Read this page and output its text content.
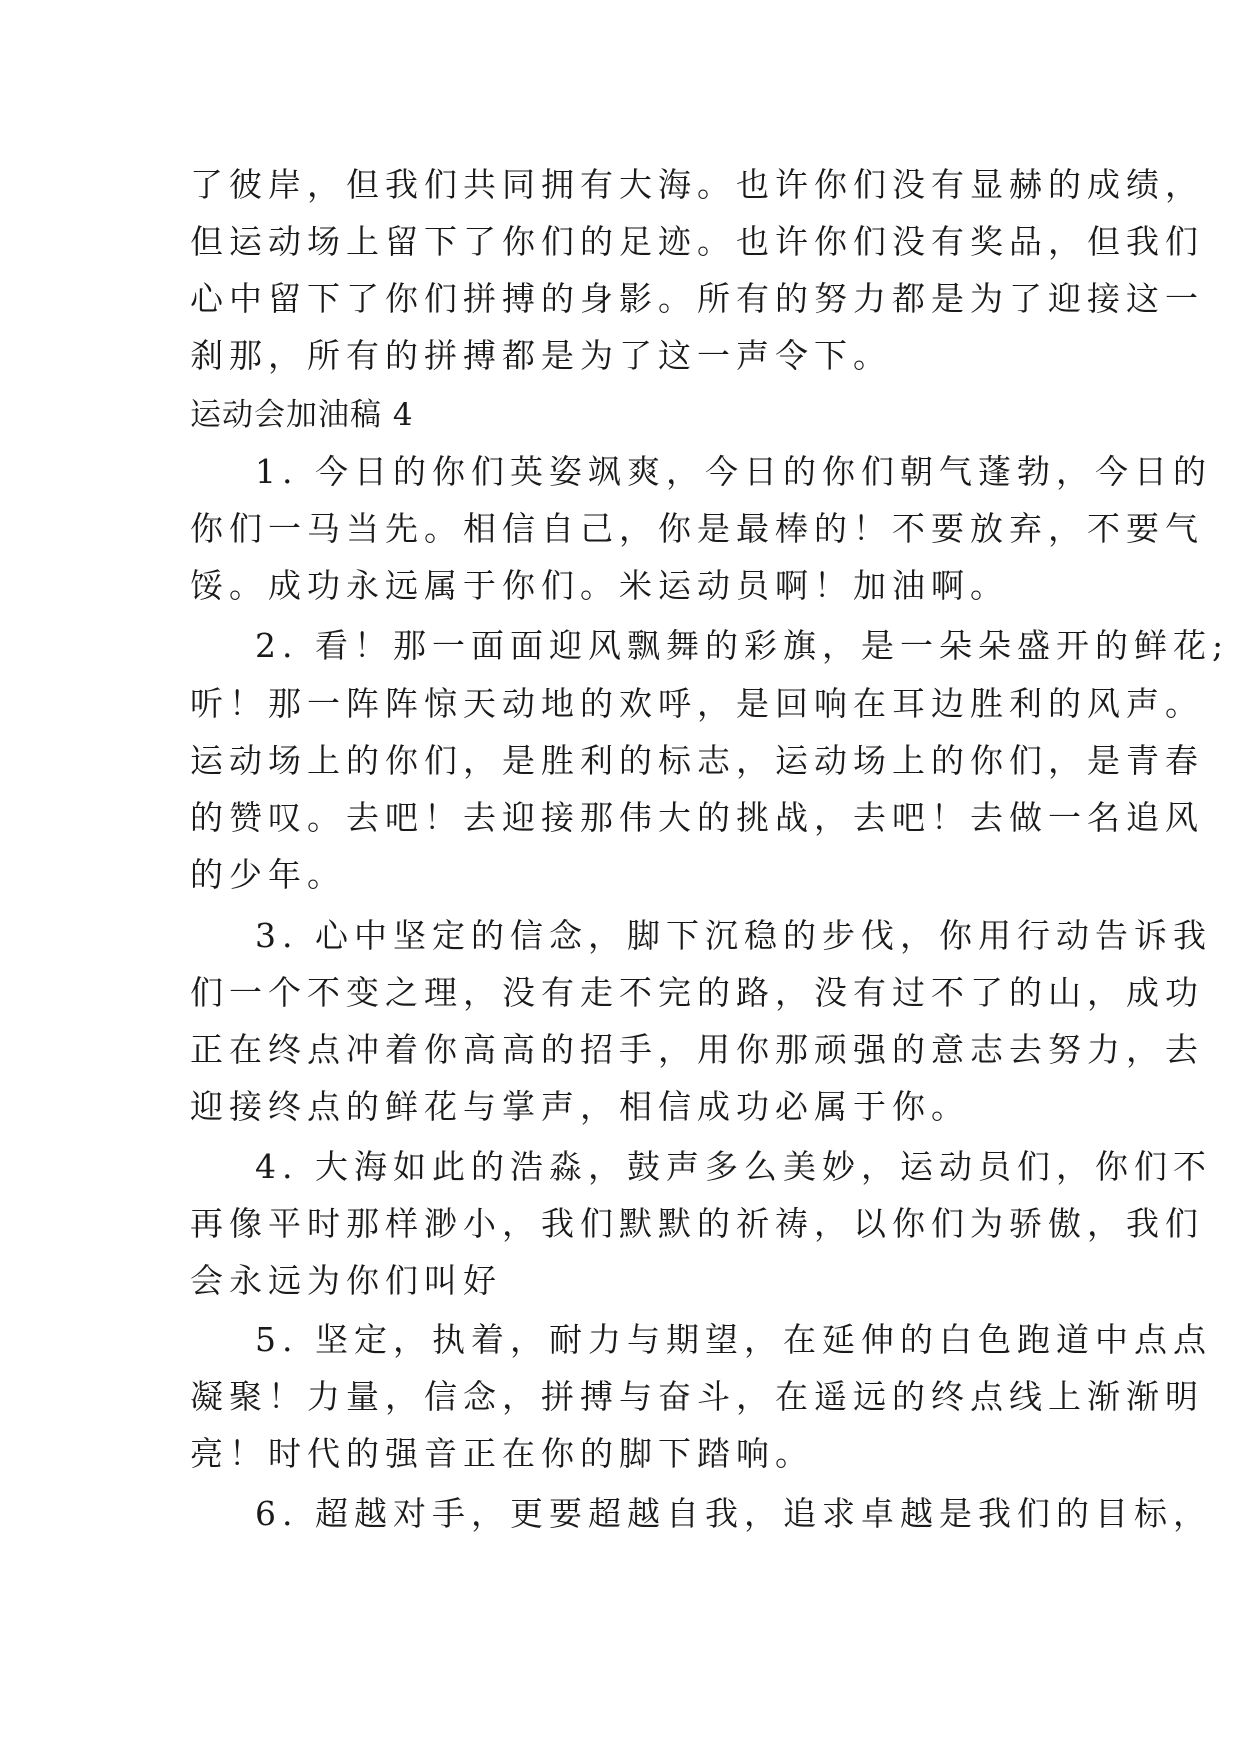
了彼岸，但我们共同拥有大海。也许你们没有显赫的成绩，
但运动场上留下了你们的足迹。也许你们没有奖品，但我们
心中留下了你们拼搏的身影。所有的努力都是为了迎接这一
刹那，所有的拼搏都是为了这一声令下。
运动会加油稿 4
1. 今日的你们英姿飒爽，今日的你们朝气蓬勃，今日的
你们一马当先。相信自己，你是最棒的！不要放弃，不要气
馁。成功永远属于你们。米运动员啊！加油啊。
2. 看！那一面面迎风飘舞的彩旗，是一朵朵盛开的鲜花;
听！那一阵阵惊天动地的欢呼，是回响在耳边胜利的风声。
运动场上的你们，是胜利的标志，运动场上的你们，是青春
的赞叹。去吧！去迎接那伟大的挑战，去吧！去做一名追风
的少年。
3. 心中坚定的信念，脚下沉稳的步伐，你用行动告诉我
们一个不变之理，没有走不完的路，没有过不了的山，成功
正在终点冲着你高高的招手，用你那顽强的意志去努力，去
迎接终点的鲜花与掌声，相信成功必属于你。
4. 大海如此的浩淼，鼓声多么美妙，运动员们，你们不
再像平时那样渺小，我们默默的祈祷，以你们为骄傲，我们
会永远为你们叫好
5. 坚定，执着，耐力与期望，在延伸的白色跑道中点点
凝聚！力量，信念，拼搏与奋斗，在遥远的终点线上渐渐明
亮！时代的强音正在你的脚下踏响。
6. 超越对手，更要超越自我，追求卓越是我们的目标，
